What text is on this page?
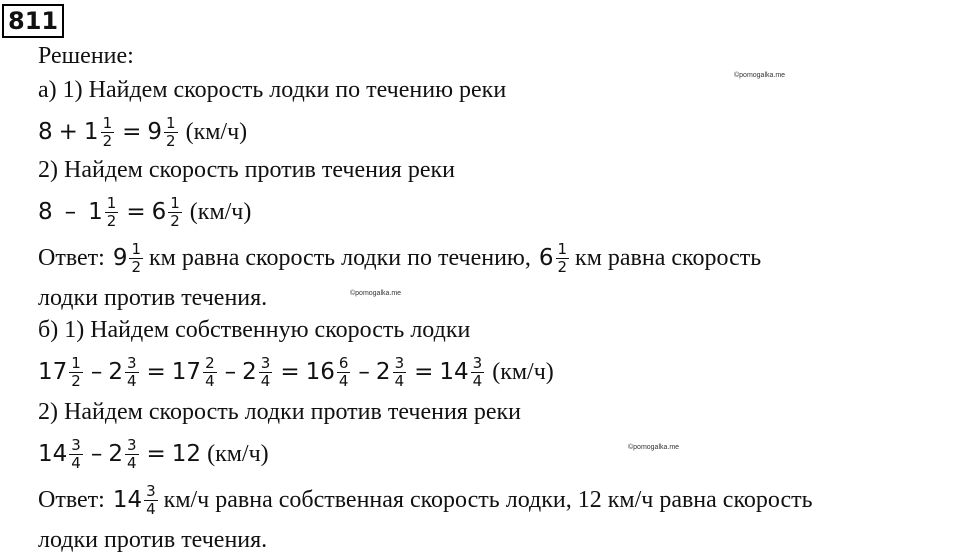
811
Решение:
а) 1) Найдем скорость лодки по течению реки
$8 + 1 \frac{1}{2} = 9 \frac{1}{2} (км/ч)$
2) Найдем скорость против течения реки
$8 - 1 \frac{1}{2} = 6 \frac{1}{2} (км/ч)$
Ответ: $9 \frac{1}{2}$ км равна скорость лодки по течению, $6 \frac{1}{2}$ км равна скорость
лодки против течения.
б) 1) Найдем собственную скорость лодки
$17 \frac{1}{2} - 2 \frac{3}{4} = 17 \frac{2}{4} - 2 \frac{3}{4} = 16 \frac{6}{4} - 2 \frac{3}{4} = 14 \frac{3}{4} (км/ч)$
2) Найдем скорость лодки против течения реки
$14 \frac{3}{4} - 2 \frac{3}{4} = 12$ (км/ч)
Ответ: $14 \frac{3}{4} км/ч$ равна собственная скорость лодки, 12 км/ч равна скорость
лодки против течения.
©pomogalka.me
©pomogalka.me
©pomogalka.me
